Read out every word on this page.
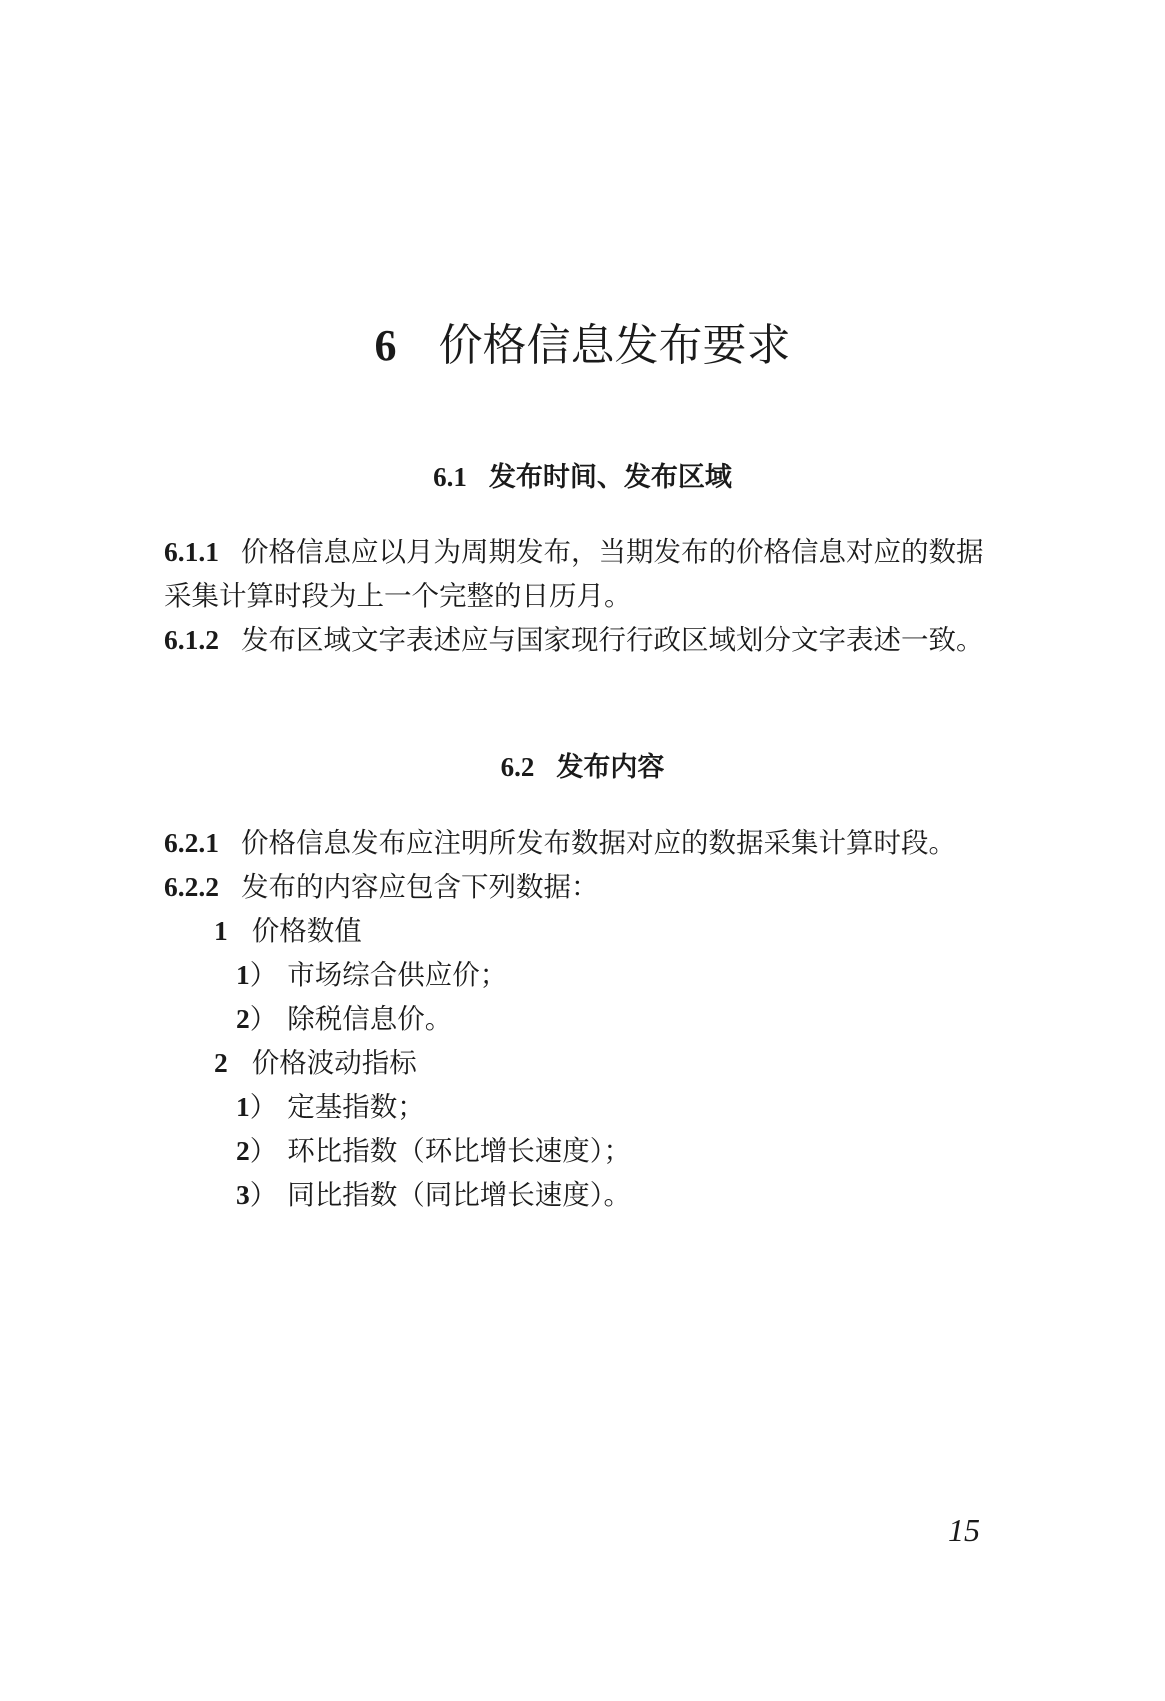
6 价格信息发布要求
6.1 发布时间、发布区域
6.1.1 价格信息应以月为周期发布，当期发布的价格信息对应的数据采集计算时段为上一个完整的日历月。
6.1.2 发布区域文字表述应与国家现行行政区域划分文字表述一致。
6.2 发布内容
6.2.1 价格信息发布应注明所发布数据对应的数据采集计算时段。
6.2.2 发布的内容应包含下列数据：
1 价格数值
1） 市场综合供应价；
2） 除税信息价。
2 价格波动指标
1） 定基指数；
2） 环比指数（环比增长速度）；
3） 同比指数（同比增长速度）。
15
